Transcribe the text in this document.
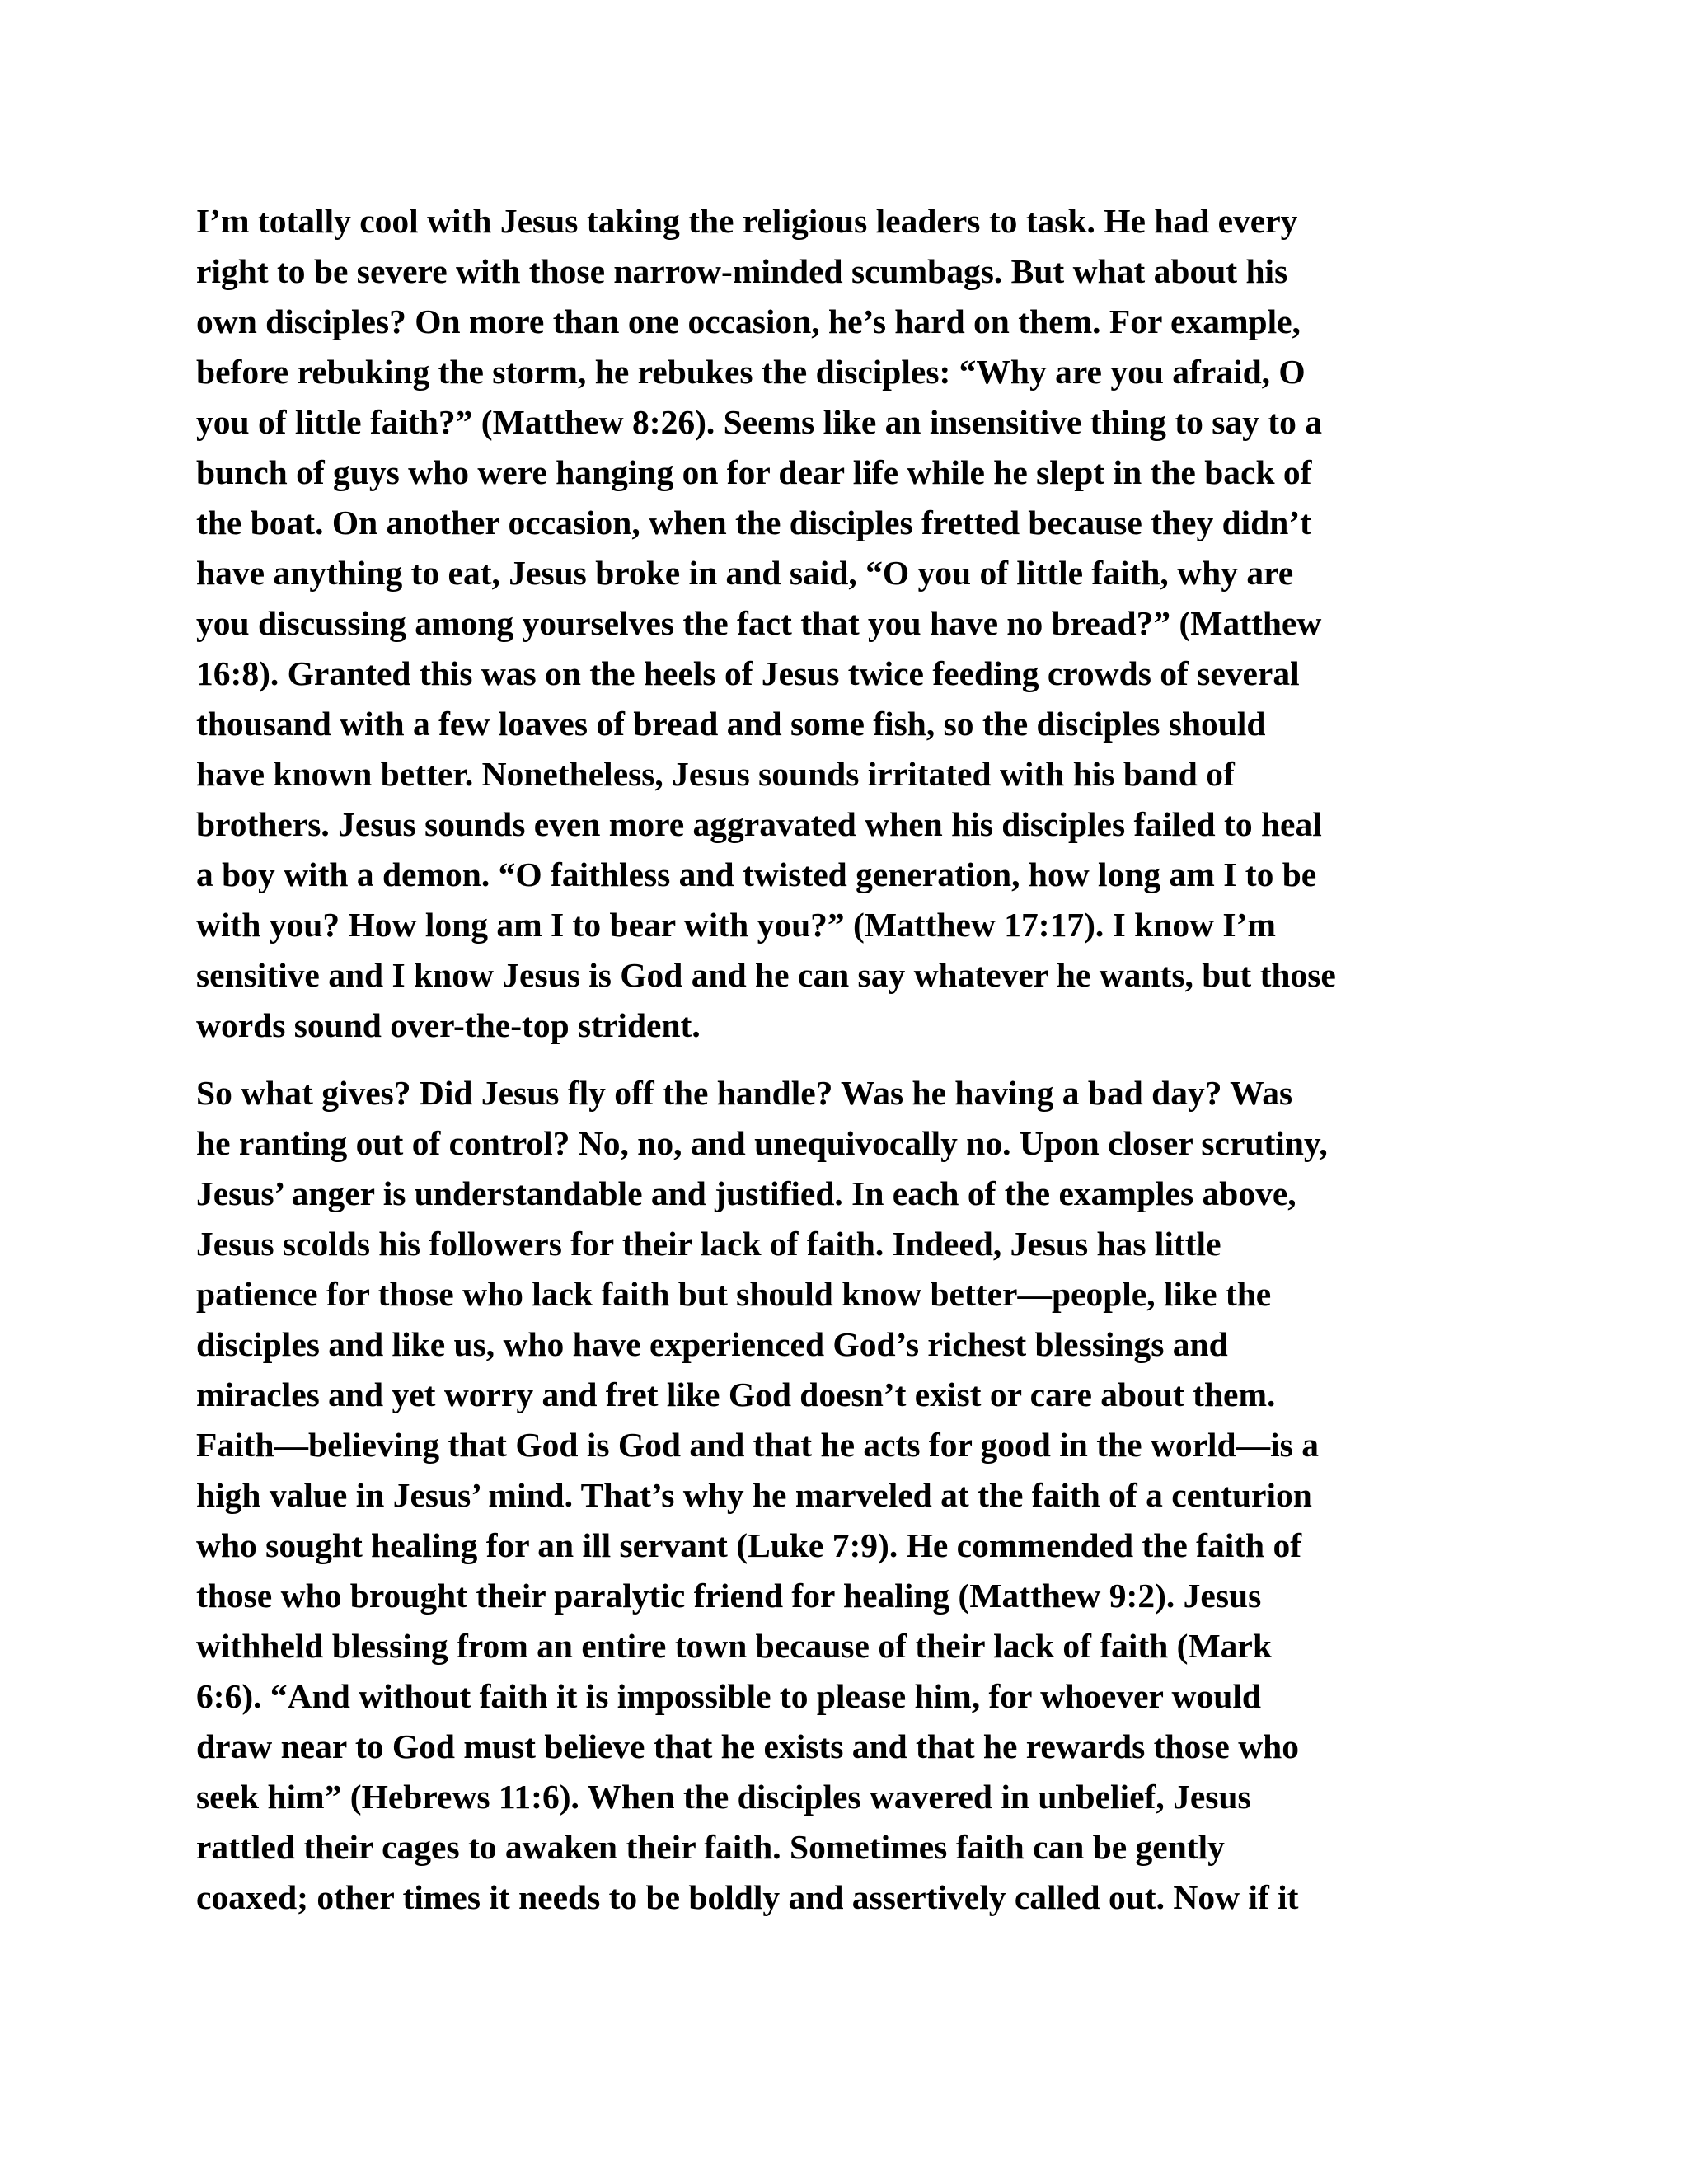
I’m totally cool with Jesus taking the religious leaders to task. He had every
right to be severe with those narrow-minded scumbags. But what about his
own disciples? On more than one occasion, he’s hard on them. For example,
before rebuking the storm, he rebukes the disciples: “Why are you afraid, O
you of little faith?” (Matthew 8:26). Seems like an insensitive thing to say to a
bunch of guys who were hanging on for dear life while he slept in the back of
the boat. On another occasion, when the disciples fretted because they didn’t
have anything to eat, Jesus broke in and said, “O you of little faith, why are
you discussing among yourselves the fact that you have no bread?” (Matthew
16:8). Granted this was on the heels of Jesus twice feeding crowds of several
thousand with a few loaves of bread and some fish, so the disciples should
have known better. Nonetheless, Jesus sounds irritated with his band of
brothers. Jesus sounds even more aggravated when his disciples failed to heal
a boy with a demon. “O faithless and twisted generation, how long am I to be
with you? How long am I to bear with you?” (Matthew 17:17). I know I’m
sensitive and I know Jesus is God and he can say whatever he wants, but those
words sound over-the-top strident.

So what gives? Did Jesus fly off the handle? Was he having a bad day? Was
he ranting out of control? No, no, and unequivocally no. Upon closer scrutiny,
Jesus’ anger is understandable and justified. In each of the examples above,
Jesus scolds his followers for their lack of faith. Indeed, Jesus has little
patience for those who lack faith but should know better—people, like the
disciples and like us, who have experienced God’s richest blessings and
miracles and yet worry and fret like God doesn’t exist or care about them.
Faith—believing that God is God and that he acts for good in the world—is a
high value in Jesus’ mind. That’s why he marveled at the faith of a centurion
who sought healing for an ill servant (Luke 7:9). He commended the faith of
those who brought their paralytic friend for healing (Matthew 9:2). Jesus
withheld blessing from an entire town because of their lack of faith (Mark
6:6). “And without faith it is impossible to please him, for whoever would
draw near to God must believe that he exists and that he rewards those who
seek him” (Hebrews 11:6). When the disciples wavered in unbelief, Jesus
rattled their cages to awaken their faith. Sometimes faith can be gently
coaxed; other times it needs to be boldly and assertively called out. Now if it
